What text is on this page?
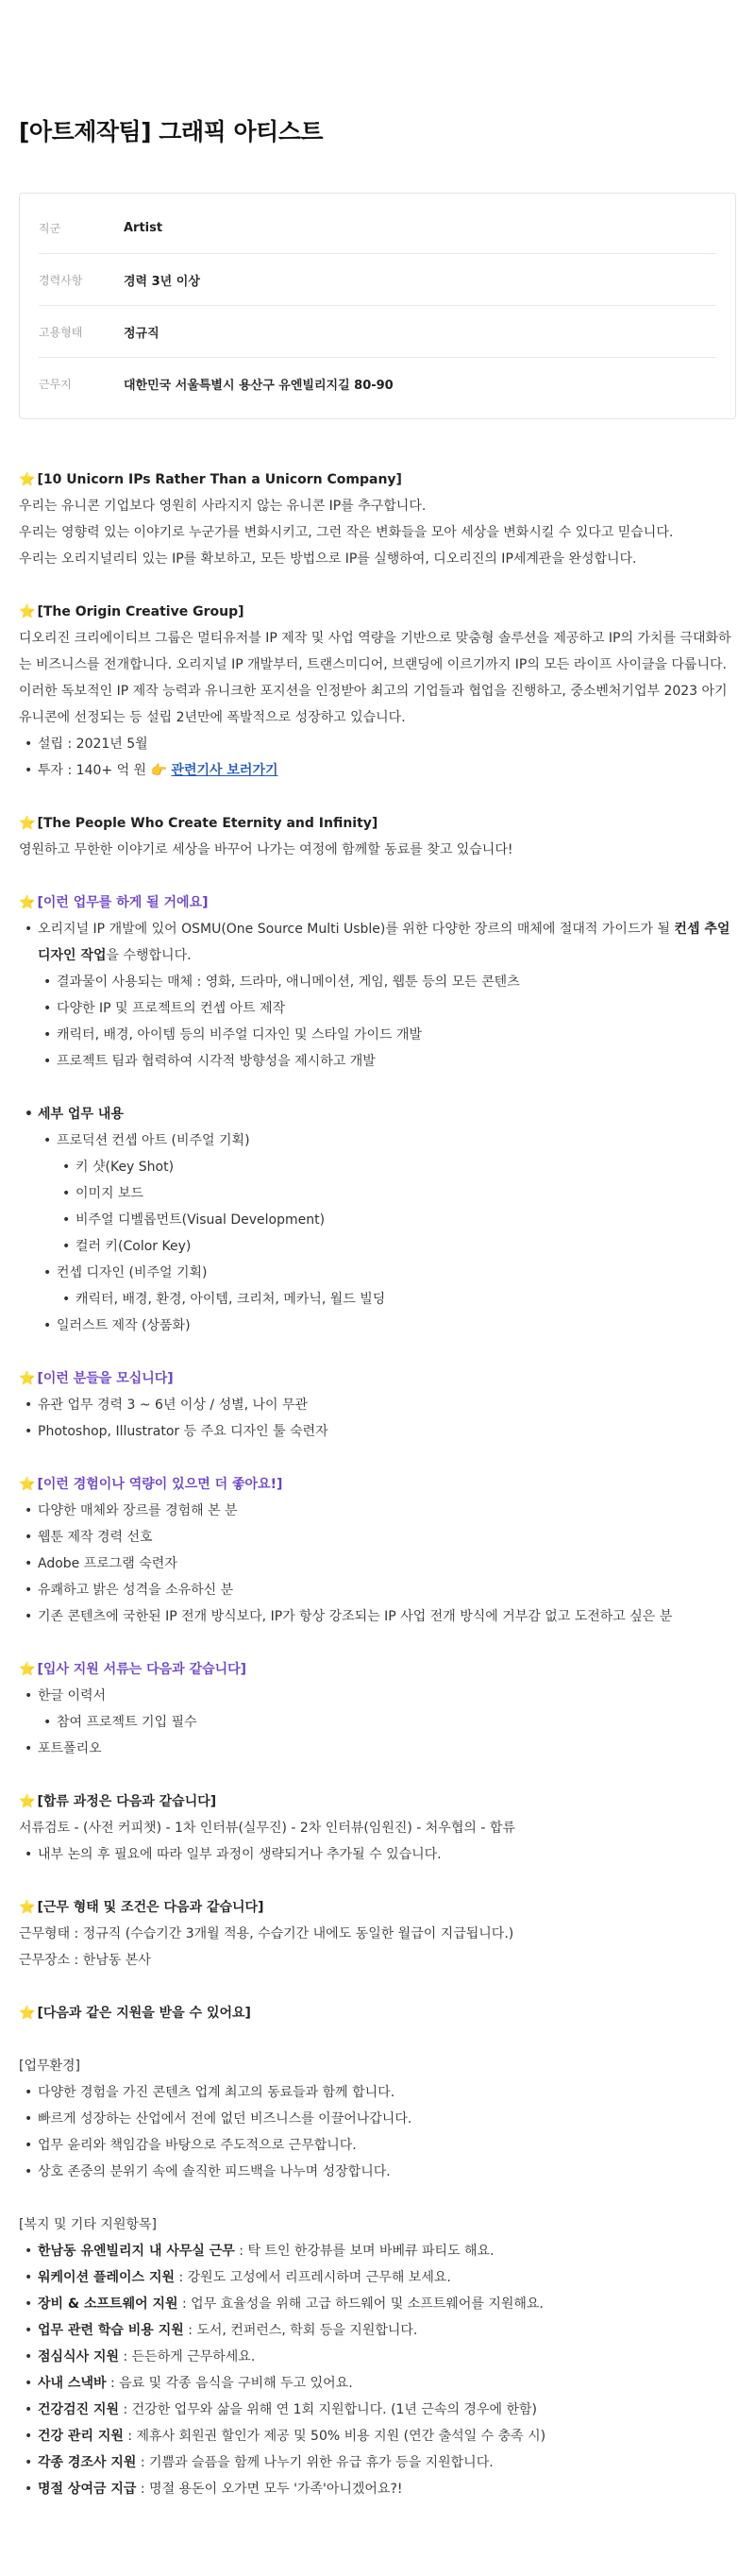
[아트제작팀] 그래픽 아티스트
직군	Artist
경력사항	경력 3년 이상
고용형태	정규직
근무지	대한민국 서울특별시 용산구 유엔빌리지길 80-90
⭐ [10 Unicorn IPs Rather Than a Unicorn Company]

우리는 유니콘 기업보다 영원히 사라지지 않는 유니콘 IP를 추구합니다.

우리는 영향력 있는 이야기로 누군가를 변화시키고, 그런 작은 변화들을 모아 세상을 변화시킬 수 있다고 믿습니다.

우리는 오리지널리티 있는 IP를 확보하고, 모든 방법으로 IP를 실행하여, 디오리진의 IP세계관을 완성합니다.

⭐ [The Origin Creative Group]

디오리진 크리에이티브 그룹은 멀티유저블 IP 제작 및 사업 역량을 기반으로 맞춤형 솔루션을 제공하고 IP의 가치를 극대화하는 비즈니스를 전개합니다. 오리지널 IP 개발부터, 트랜스미디어, 브랜딩에 이르기까지 IP의 모든 라이프 사이클을 다룹니다. 이러한 독보적인 IP 제작 능력과 유니크한 포지션을 인정받아 최고의 기업들과 협업을 진행하고, 중소벤처기업부 2023 아기유니콘에 선정되는 등 설립 2년만에 폭발적으로 성장하고 있습니다.

• 설립 : 2021년 5월
• 투자 : 140+ 억 원 👉 관련기사 보러가기
⭐ [The People Who Create Eternity and Infinity]

영원하고 무한한 이야기로 세상을 바꾸어 나가는 여정에 함께할 동료를 찾고 있습니다!

⭐ [이런 업무를 하게 될 거에요]
• 오리지널 IP 개발에 있어 OSMU(One Source Multi Usble)를 위한 다양한 장르의 매체에 절대적 가이드가 될 컨셉 추얼 디자인 작업을 수행합니다.
• 결과물이 사용되는 매체 : 영화, 드라마, 애니메이션, 게임, 웹툰 등의 모든 콘텐츠
• 다양한 IP 및 프로젝트의 컨셉 아트 제작
• 캐릭터, 배경, 아이템 등의 비주얼 디자인 및 스타일 가이드 개발
• 프로젝트 팀과 협력하여 시각적 방향성을 제시하고 개발
• 세부 업무 내용
• 프로덕션 컨셉 아트 (비주얼 기획)
• 키 샷(Key Shot)
• 이미지 보드
• 비주얼 디벨롭먼트(Visual Development)
• 컬러 키(Color Key)
• 컨셉 디자인 (비주얼 기획)
• 캐릭터, 배경, 환경, 아이템, 크리처, 메카닉, 월드 빌딩
• 일러스트 제작 (상품화)
⭐ [이런 분들을 모십니다]
• 유관 업무 경력 3 ~ 6년 이상 / 성별, 나이 무관
• Photoshop, Illustrator 등 주요 디자인 툴 숙련자
⭐ [이런 경험이나 역량이 있으면 더 좋아요!]
• 다양한 매체와 장르를 경험해 본 분
• 웹툰 제작 경력 선호
• Adobe 프로그램 숙련자
• 유쾌하고 밝은 성격을 소유하신 분
• 기존 콘텐츠에 국한된 IP 전개 방식보다, IP가 항상 강조되는 IP 사업 전개 방식에 거부감 없고 도전하고 싶은 분
⭐ [입사 지원 서류는 다음과 같습니다]
• 한글 이력서
• 참여 프로젝트 기입 필수
• 포트폴리오
⭐ [합류 과정은 다음과 같습니다]

서류검토 - (사전 커피챗) - 1차 인터뷰(실무진) - 2차 인터뷰(임원진) - 처우협의 - 합류

• 내부 논의 후 필요에 따라 일부 과정이 생략되거나 추가될 수 있습니다.
⭐ [근무 형태 및 조건은 다음과 같습니다]

근무형태 : 정규직 (수습기간 3개월 적용, 수습기간 내에도 동일한 월급이 지급됩니다.)

근무장소 : 한남동 본사

⭐ [다음과 같은 지원을 받을 수 있어요]

[업무환경]

• 다양한 경험을 가진 콘텐츠 업계 최고의 동료들과 함께 합니다.
• 빠르게 성장하는 산업에서 전에 없던 비즈니스를 이끌어나갑니다.
• 업무 윤리와 책임감을 바탕으로 주도적으로 근무합니다.
• 상호 존중의 분위기 속에 솔직한 피드백을 나누며 성장합니다.

[복지 및 기타 지원항목]

• 한남동 유엔빌리지 내 사무실 근무 : 탁 트인 한강뷰를 보며 바베큐 파티도 해요.
• 워케이션 플레이스 지원 : 강원도 고성에서 리프레시하며 근무해 보세요.
• 장비 & 소프트웨어 지원 : 업무 효율성을 위해 고급 하드웨어 및 소프트웨어를 지원해요.
• 업무 관련 학습 비용 지원 : 도서, 컨퍼런스, 학회 등을 지원합니다.
• 점심식사 지원 : 든든하게 근무하세요.
• 사내 스낵바 : 음료 및 각종 음식을 구비해 두고 있어요.
• 건강검진 지원 : 건강한 업무와 삶을 위해 연 1회 지원합니다. (1년 근속의 경우에 한함)
• 건강 관리 지원 : 제휴사 회원권 할인가 제공 및 50% 비용 지원 (연간 출석일 수 충족 시)
• 각종 경조사 지원 : 기쁨과 슬픔을 함께 나누기 위한 유급 휴가 등을 지원합니다.
• 명절 상여금 지급 : 명절 용돈이 오가면 모두 '가족'아니겠어요?!
